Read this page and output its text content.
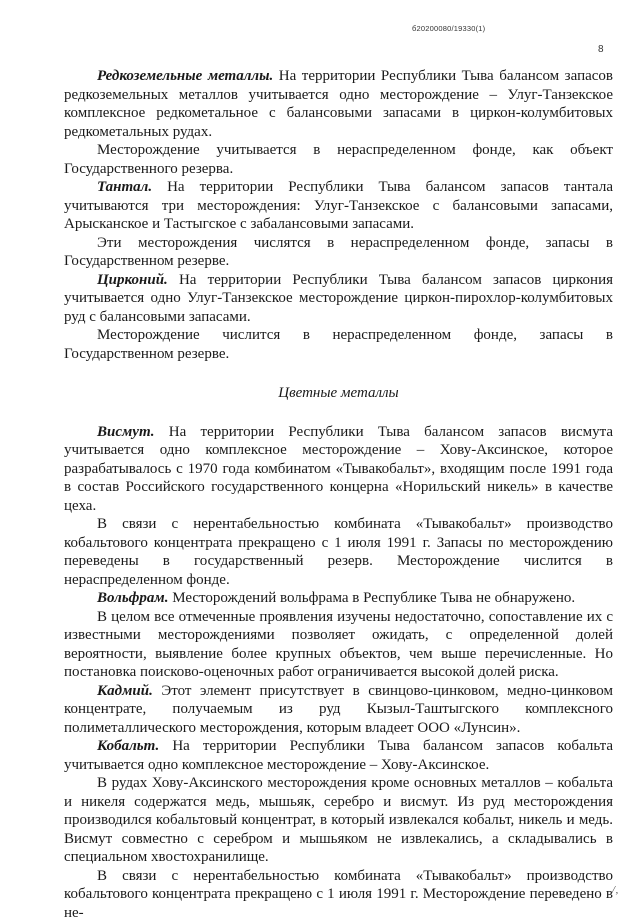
б20200080/19330(1)
8

Редкоземельные металлы. На территории Республики Тыва балансом запасов редкоземельных металлов учитывается одно месторождение – Улуг-Танзекское комплексное редкометальное с балансовыми запасами в циркон-колумбитовых редкометальных рудах.

Месторождение учитывается в нераспределенном фонде, как объект Государственного резерва.

Тантал. На территории Республики Тыва балансом запасов тантала учитываются три месторождения: Улуг-Танзекское с балансовыми запасами, Арысканское и Тастыгское с забалансовыми запасами.

Эти месторождения числятся в нераспределенном фонде, запасы в Государственном резерве.

Цирконий. На территории Республики Тыва балансом запасов циркония учитывается одно Улуг-Танзекское месторождение циркон-пирохлор-колумбитовых руд с балансовыми запасами.

Месторождение числится в нераспределенном фонде, запасы в Государственном резерве.

Цветные металлы

Висмут. На территории Республики Тыва балансом запасов висмута учитывается одно комплексное месторождение – Хову-Аксинское, которое разрабатывалось с 1970 года комбинатом «Тывакобальт», входящим после 1991 года в состав Российского государственного концерна «Норильский никель» в качестве цеха.

В связи с нерентабельностью комбината «Тывакобальт» производство кобальтового концентрата прекращено с 1 июля 1991 г. Запасы по месторождению переведены в государственный резерв. Месторождение числится в нераспределенном фонде.

Вольфрам. Месторождений вольфрама в Республике Тыва не обнаружено.

В целом все отмеченные проявления изучены недостаточно, сопоставление их с известными месторождениями позволяет ожидать, с определенной долей вероятности, выявление более крупных объектов, чем выше перечисленные. Но постановка поисково-оценочных работ ограничивается высокой долей риска.

Кадмий. Этот элемент присутствует в свинцово-цинковом, медно-цинковом концентрате, получаемым из руд Кызыл-Таштыгского комплексного полиметаллического месторождения, которым владеет ООО «Лунсин».

Кобальт. На территории Республики Тыва балансом запасов кобальта учитывается одно комплексное месторождение – Хову-Аксинское.

В рудах Хову-Аксинского месторождения кроме основных металлов – кобальта и никеля содержатся медь, мышьяк, серебро и висмут. Из руд месторождения производился кобальтовый концентрат, в который извлекался кобальт, никель и медь. Висмут совместно с серебром и мышьяком не извлекались, а складывались в специальном хвостохранилище.

В связи с нерентабельностью комбината «Тывакобальт» производство кобальтового концентрата прекращено с 1 июля 1991 г. Месторождение переведено в не-

/‚
